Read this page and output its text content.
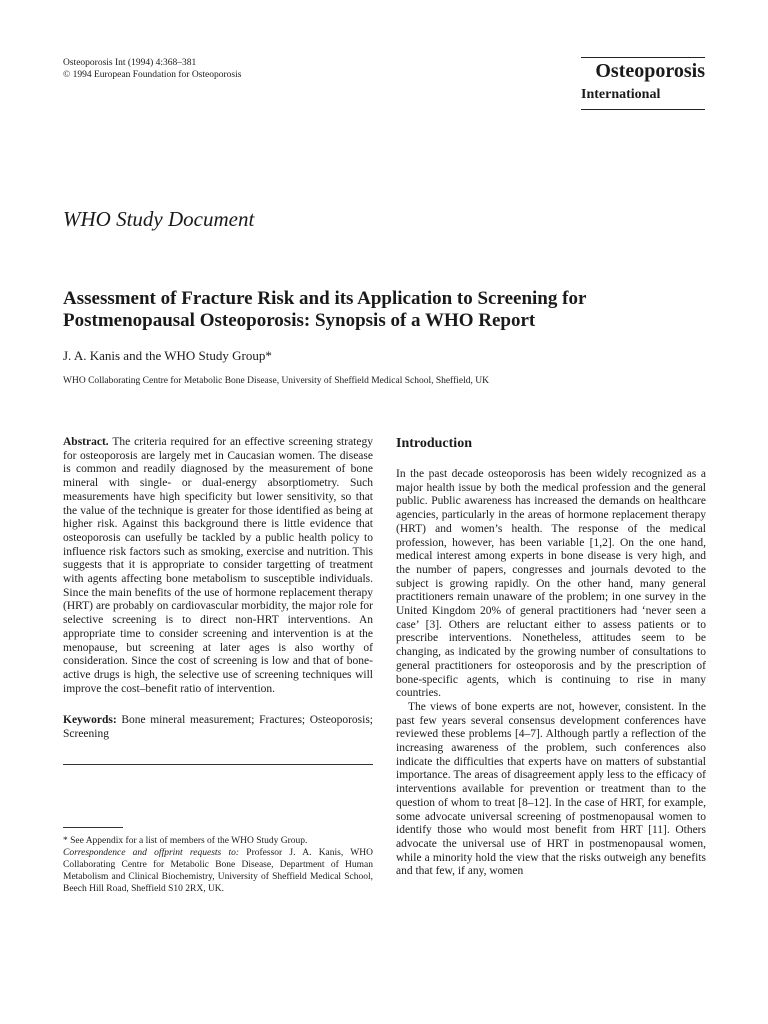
Osteoporosis Int (1994) 4:368–381
© 1994 European Foundation for Osteoporosis	Osteoporosis
International
WHO Study Document
Assessment of Fracture Risk and its Application to Screening for
Postmenopausal Osteoporosis: Synopsis of a WHO Report
J. A. Kanis and the WHO Study Group*
WHO Collaborating Centre for Metabolic Bone Disease, University of Sheffield Medical School, Sheffield, UK

Abstract. The criteria required for an effective screening strategy for osteoporosis are largely met in Caucasian women. The disease is common and readily diagnosed by the measurement of bone mineral with single- or dual-energy absorptiometry. Such measurements have high specificity but lower sensitivity, so that the value of the technique is greater for those identified as being at higher risk. Against this background there is little evidence that osteoporosis can usefully be tackled by a public health policy to influence risk factors such as smoking, exercise and nutrition. This suggests that it is appropriate to consider targetting of treatment with agents affecting bone metabolism to susceptible individuals. Since the main benefits of the use of hormone replacement therapy (HRT) are probably on cardiovascular morbidity, the major role for selective screening is to direct non-HRT interventions. An appropriate time to consider screening and intervention is at the menopause, but screening at later ages is also worthy of consideration. Since the cost of screening is low and that of bone-active drugs is high, the selective use of screening techniques will improve the cost–benefit ratio of intervention.

Keywords: Bone mineral measurement; Fractures; Osteoporosis; Screening

* See Appendix for a list of members of the WHO Study Group.
Correspondence and offprint requests to: Professor J. A. Kanis, WHO Collaborating Centre for Metabolic Bone Disease, Department of Human Metabolism and Clinical Biochemistry, University of Sheffield Medical School, Beech Hill Road, Sheffield S10 2RX, UK.
Introduction

In the past decade osteoporosis has been widely recognized as a major health issue by both the medical profession and the general public. Public awareness has increased the demands on healthcare agencies, particularly in the areas of hormone replacement therapy (HRT) and women’s health. The response of the medical profession, however, has been variable [1,2]. On the one hand, medical interest among experts in bone disease is very high, and the number of papers, congresses and journals devoted to the subject is growing rapidly. On the other hand, many general practitioners remain unaware of the problem; in one survey in the United Kingdom 20% of general practitioners had ‘never seen a case’ [3]. Others are reluctant either to assess patients or to prescribe interventions. Nonetheless, attitudes seem to be changing, as indicated by the growing number of consultations to general practitioners for osteoporosis and by the prescription of bone-specific agents, which is continuing to rise in many countries.

The views of bone experts are not, however, consistent. In the past few years several consensus development conferences have reviewed these problems [4–7]. Although partly a reflection of the increasing awareness of the problem, such conferences also indicate the difficulties that experts have on matters of substantial importance. The areas of disagreement apply less to the efficacy of interventions available for prevention or treatment than to the question of whom to treat [8–12]. In the case of HRT, for example, some advocate universal screening of postmenopausal women to identify those who would most benefit from HRT [11]. Others advocate the universal use of HRT in postmenopausal women, while a minority hold the view that the risks outweigh any benefits and that few, if any, women
